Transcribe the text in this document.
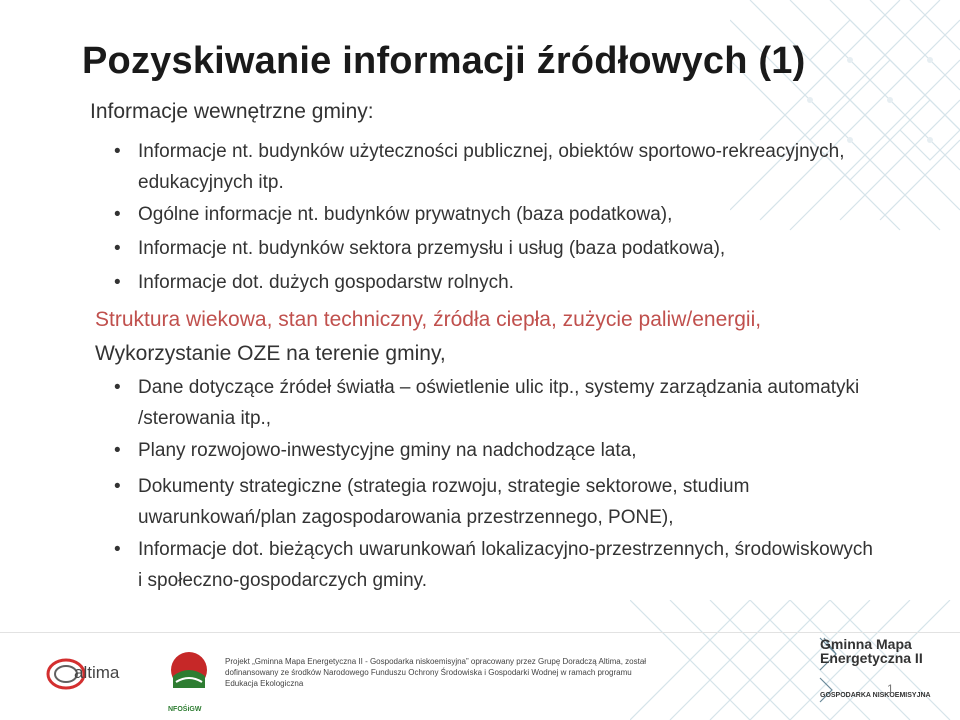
Pozyskiwanie informacji źródłowych (1)
Informacje wewnętrzne gminy:
• Informacje nt. budynków użyteczności publicznej, obiektów sportowo-rekreacyjnych, edukacyjnych itp.
• Ogólne informacje nt. budynków prywatnych (baza podatkowa),
• Informacje nt. budynków sektora przemysłu i usług (baza podatkowa),
• Informacje dot. dużych gospodarstw rolnych.
Struktura wiekowa, stan techniczny, źródła ciepła, zużycie paliw/energii,
Wykorzystanie OZE na terenie gminy,
• Dane dotyczące źródeł światła – oświetlenie ulic itp., systemy zarządzania automatyki /sterowania itp.,
• Plany rozwojowo-inwestycyjne gminy na nadchodzące lata,
• Dokumenty strategiczne (strategia rozwoju, strategie sektorowe, studium uwarunkowań/plan zagospodarowania przestrzennego, PONE),
• Informacje dot. bieżących uwarunkowań lokalizacyjno-przestrzennych, środowiskowych i społeczno-gospodarczych gminy.
altima
NFOŚiGW
Projekt „Gminna Mapa Energetyczna II - Gospodarka niskoemisyjna” opracowany przez Grupę Doradczą Altima, został dofinansowany ze środków Narodowego Funduszu Ochrony Środowiska i Gospodarki Wodnej w ramach programu Edukacja Ekologiczna
Gminna Mapa Energetyczna II
GOSPODARKA NISKOEMISYJNA
1
